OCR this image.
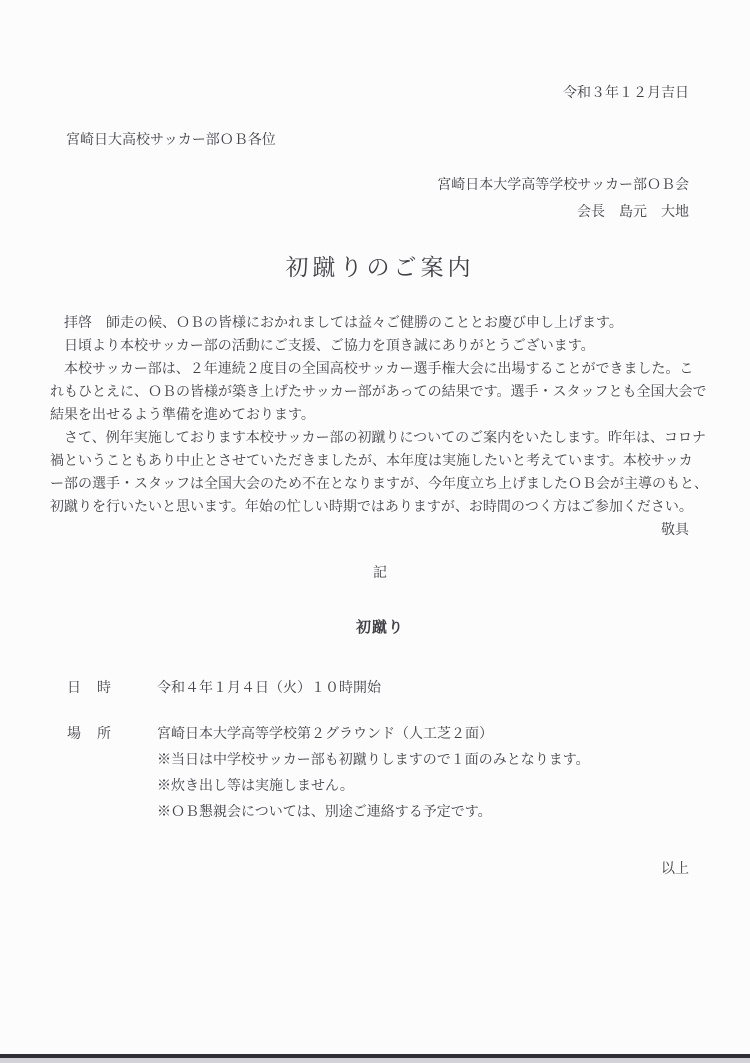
令和３年１２月吉日
宮崎日大高校サッカー部ＯＢ各位
宮崎日本大学高等学校サッカー部ＯＢ会
会長　島元　大地
初蹴りのご案内
　拝啓　師走の候、ＯＢの皆様におかれましては益々ご健勝のこととお慶び申し上げます。
　日頃より本校サッカー部の活動にご支援、ご協力を頂き誠にありがとうございます。
　本校サッカー部は、２年連続２度目の全国高校サッカー選手権大会に出場することができました。こ
れもひとえに、ＯＢの皆様が築き上げたサッカー部があっての結果です。選手・スタッフとも全国大会で
結果を出せるよう準備を進めております。
　さて、例年実施しております本校サッカー部の初蹴りについてのご案内をいたします。昨年は、コロナ
禍ということもあり中止とさせていただきましたが、本年度は実施したいと考えています。本校サッカ
ー部の選手・スタッフは全国大会のため不在となりますが、今年度立ち上げましたＯＢ会が主導のもと、
初蹴りを行いたいと思います。年始の忙しい時期ではありますが、お時間のつく方はご参加ください。
敬具
記
初蹴り
日　時	令和４年１月４日（火）１０時開始
場　所	宮崎日本大学高等学校第２グラウンド（人工芝２面）
※当日は中学校サッカー部も初蹴りしますので１面のみとなります。
※炊き出し等は実施しません。
※ＯＢ懇親会については、別途ご連絡する予定です。
以上
